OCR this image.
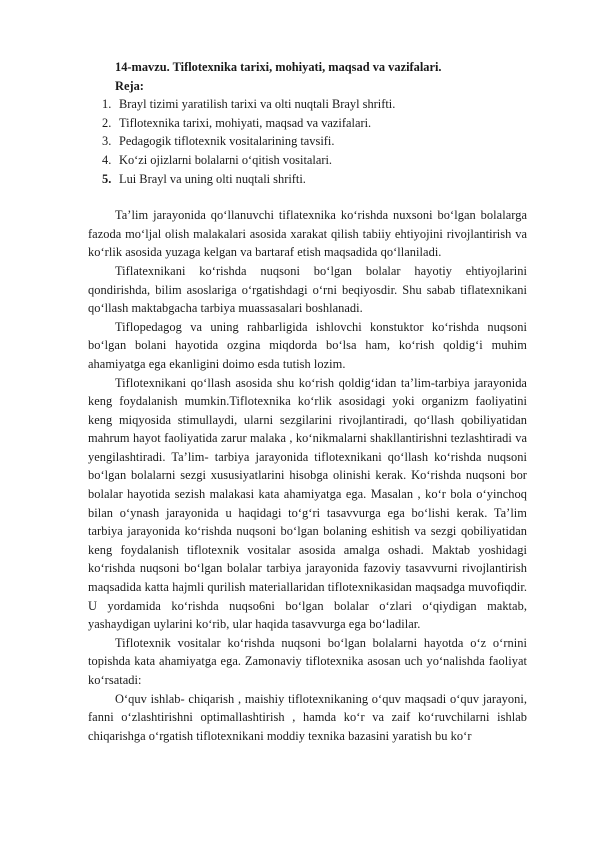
14-mavzu. Tiflotexnika tarixi, mohiyati, maqsad va vazifalari.
Reja:
1. Brayl tizimi yaratilish tarixi va olti nuqtali Brayl shrifti.
2. Tiflotexnika tarixi, mohiyati, maqsad va vazifalari.
3. Pedagogik tiflotexnik vositalarining tavsifi.
4. Ko‘zi ojizlarni bolalarni o‘qitish vositalari.
5. Lui Brayl va uning olti nuqtali shrifti.

Ta’lim jarayonida qo‘llanuvchi tiflatexnika ko‘rishda nuxsoni bo‘lgan bolalarga fazoda mo‘ljal olish malakalari asosida xarakat qilish tabiiy ehtiyojini rivojlantirish va ko‘rlik asosida yuzaga kelgan va bartaraf etish maqsadida qo‘llaniladi.

Tiflatexnikani ko‘rishda nuqsoni bo‘lgan bolalar hayotiy ehtiyojlarini qondirishda, bilim asoslariga o‘rgatishdagi o‘rni beqiyosdir. Shu sabab tiflatexnikani qo‘llash maktabgacha tarbiya muassasalari boshlanadi.

Tiflopedagog va uning rahbarligida ishlovchi konstuktor ko‘rishda nuqsoni bo‘lgan bolani hayotida ozgina miqdorda bo‘lsa ham, ko‘rish qoldig‘i muhim ahamiyatga ega ekanligini doimo esda tutish lozim.

Tiflotexnikani qo‘llash asosida shu ko‘rish qoldig‘idan ta’lim-tarbiya jarayonida keng foydalanish mumkin.Tiflotexnika ko‘rlik asosidagi yoki organizm faoliyatini keng miqyosida stimullaydi, ularni sezgilarini rivojlantiradi, qo‘llash qobiliyatidan mahrum hayot faoliyatida zarur malaka , ko‘nikmalarni shakllantirishni tezlashtiradi va yengilashtiradi. Ta’lim- tarbiya jarayonida tiflotexnikani qo‘llash ko‘rishda nuqsoni bo‘lgan bolalarni sezgi xususiyatlarini hisobga olinishi kerak. Ko‘rishda nuqsoni bor bolalar hayotida sezish malakasi kata ahamiyatga ega. Masalan , ko‘r bola o‘yinchoq bilan o‘ynash jarayonida u haqidagi to‘g‘ri tasavvurga ega bo‘lishi kerak. Ta’lim tarbiya jarayonida ko‘rishda nuqsoni bo‘lgan bolaning eshitish va sezgi qobiliyatidan keng foydalanish tiflotexnik vositalar asosida amalga oshadi. Maktab yoshidagi ko‘rishda nuqsoni bo‘lgan bolalar tarbiya jarayonida fazoviy tasavvurni rivojlantirish maqsadida katta hajmli qurilish materiallaridan tiflotexnikasidan maqsadga muvofiqdir. U yordamida ko‘rishda nuqso6ni bo‘lgan bolalar o‘zlari o‘qiydigan maktab, yashaydigan uylarini ko‘rib, ular haqida tasavvurga ega bo‘ladilar.

Tiflotexnik vositalar ko‘rishda nuqsoni bo‘lgan bolalarni hayotda o‘z o‘rnini topishda kata ahamiyatga ega. Zamonaviy tiflotexnika asosan uch yo‘nalishda faoliyat ko‘rsatadi:

O‘quv ishlab- chiqarish , maishiy tiflotexnikaning o‘quv maqsadi o‘quv jarayoni, fanni o‘zlashtirishni optimallashtirish , hamda ko‘r va zaif ko‘ruvchilarni ishlab chiqarishga o‘rgatish tiflotexnikani moddiy texnika bazasini yaratish bu ko‘r
